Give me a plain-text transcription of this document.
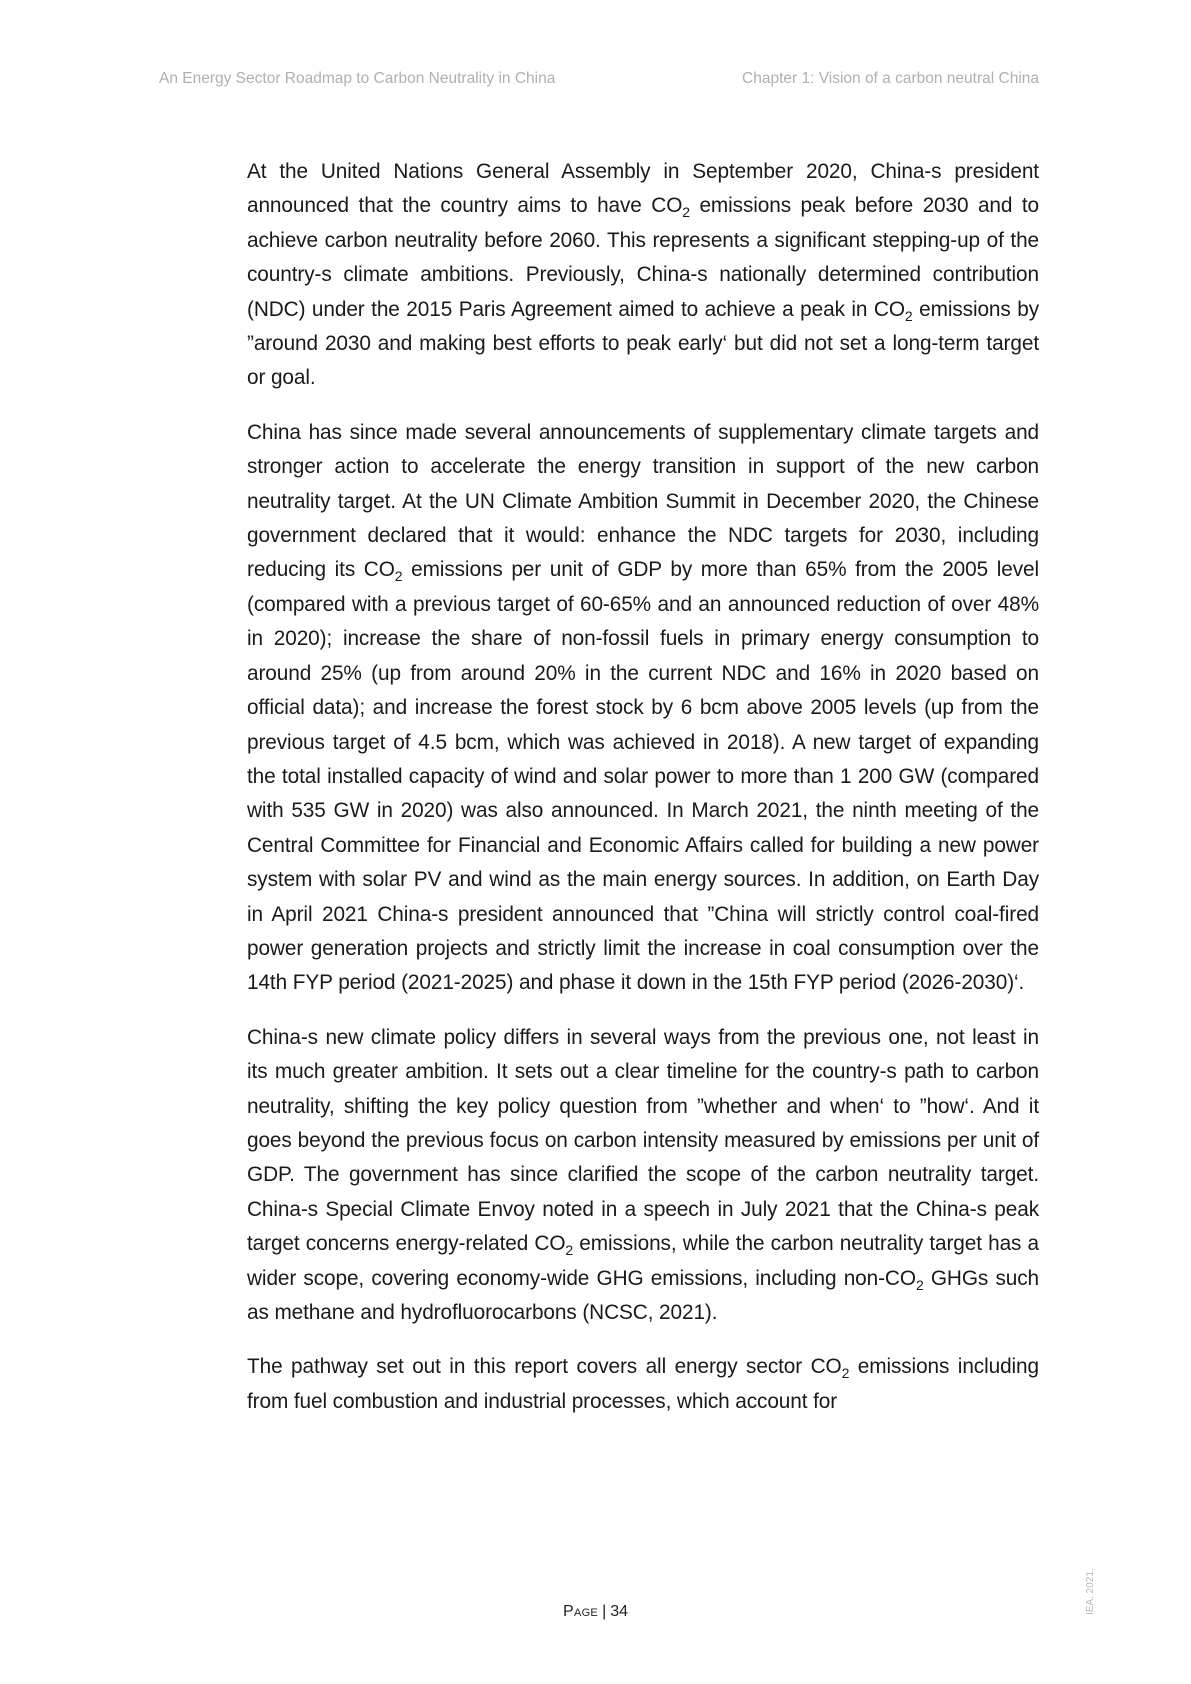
An Energy Sector Roadmap to Carbon Neutrality in China	Chapter 1: Vision of a carbon neutral China

At the United Nations General Assembly in September 2020, China‑s president announced that the country aims to have $CO_2$ emissions peak before 2030 and to achieve carbon neutrality before 2060. This represents a significant stepping-up of the country‑s climate ambitions. Previously, China‑s nationally determined contribution (NDC) under the 2015 Paris Agreement aimed to achieve a peak in $CO_2$ emissions by ”around 2030 and making best efforts to peak early‘ but did not set a long-term target or goal.

China has since made several announcements of supplementary climate targets and stronger action to accelerate the energy transition in support of the new carbon neutrality target. At the UN Climate Ambition Summit in December 2020, the Chinese government declared that it would: enhance the NDC targets for 2030, including reducing its $CO_2$ emissions per unit of GDP by more than 65% from the 2005 level (compared with a previous target of 60-65% and an announced reduction of over 48% in 2020); increase the share of non-fossil fuels in primary energy consumption to around 25% (up from around 20% in the current NDC and 16% in 2020 based on official data); and increase the forest stock by 6 bcm above 2005 levels (up from the previous target of 4.5 bcm, which was achieved in 2018). A new target of expanding the total installed capacity of wind and solar power to more than 1 200 GW (compared with 535 GW in 2020) was also announced. In March 2021, the ninth meeting of the Central Committee for Financial and Economic Affairs called for building a new power system with solar PV and wind as the main energy sources. In addition, on Earth Day in April 2021 China‑s president announced that ”China will strictly control coal-fired power generation projects and strictly limit the increase in coal consumption over the 14th FYP period (2021-2025) and phase it down in the 15th FYP period (2026-2030)‘.

China‑s new climate policy differs in several ways from the previous one, not least in its much greater ambition. It sets out a clear timeline for the country‑s path to carbon neutrality, shifting the key policy question from ”whether and when‘ to ”how‘. And it goes beyond the previous focus on carbon intensity measured by emissions per unit of GDP. The government has since clarified the scope of the carbon neutrality target. China‑s Special Climate Envoy noted in a speech in July 2021 that the China‑s peak target concerns energy-related $CO_2$ emissions, while the carbon neutrality target has a wider scope, covering economy-wide GHG emissions, including non-$CO_2$ GHGs such as methane and hydrofluorocarbons (NCSC, 2021).

The pathway set out in this report covers all energy sector $CO_2$ emissions including from fuel combustion and industrial processes, which account for

Page | 34	IEA. 2021.
